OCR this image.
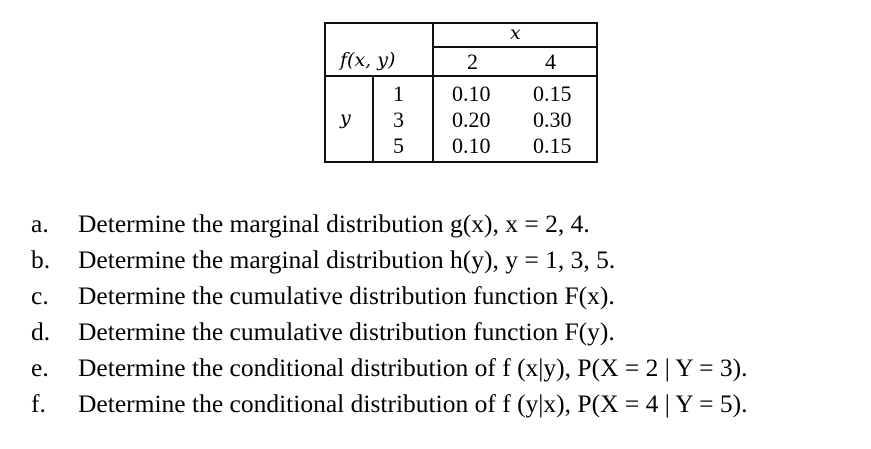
x
f(x, y)	2	4
y
1
3
5
0.10 0.15
0.20 0.30
0.10 0.15
a. Determine the marginal distribution g(x), x = 2, 4.
b. Determine the marginal distribution h(y), y = 1, 3, 5.
c. Determine the cumulative distribution function F(x).
d. Determine the cumulative distribution function F(y).
e. Determine the conditional distribution of f (x|y), P(X = 2 | Y = 3).
f. Determine the conditional distribution of f (y|x), P(X = 4 | Y = 5).
